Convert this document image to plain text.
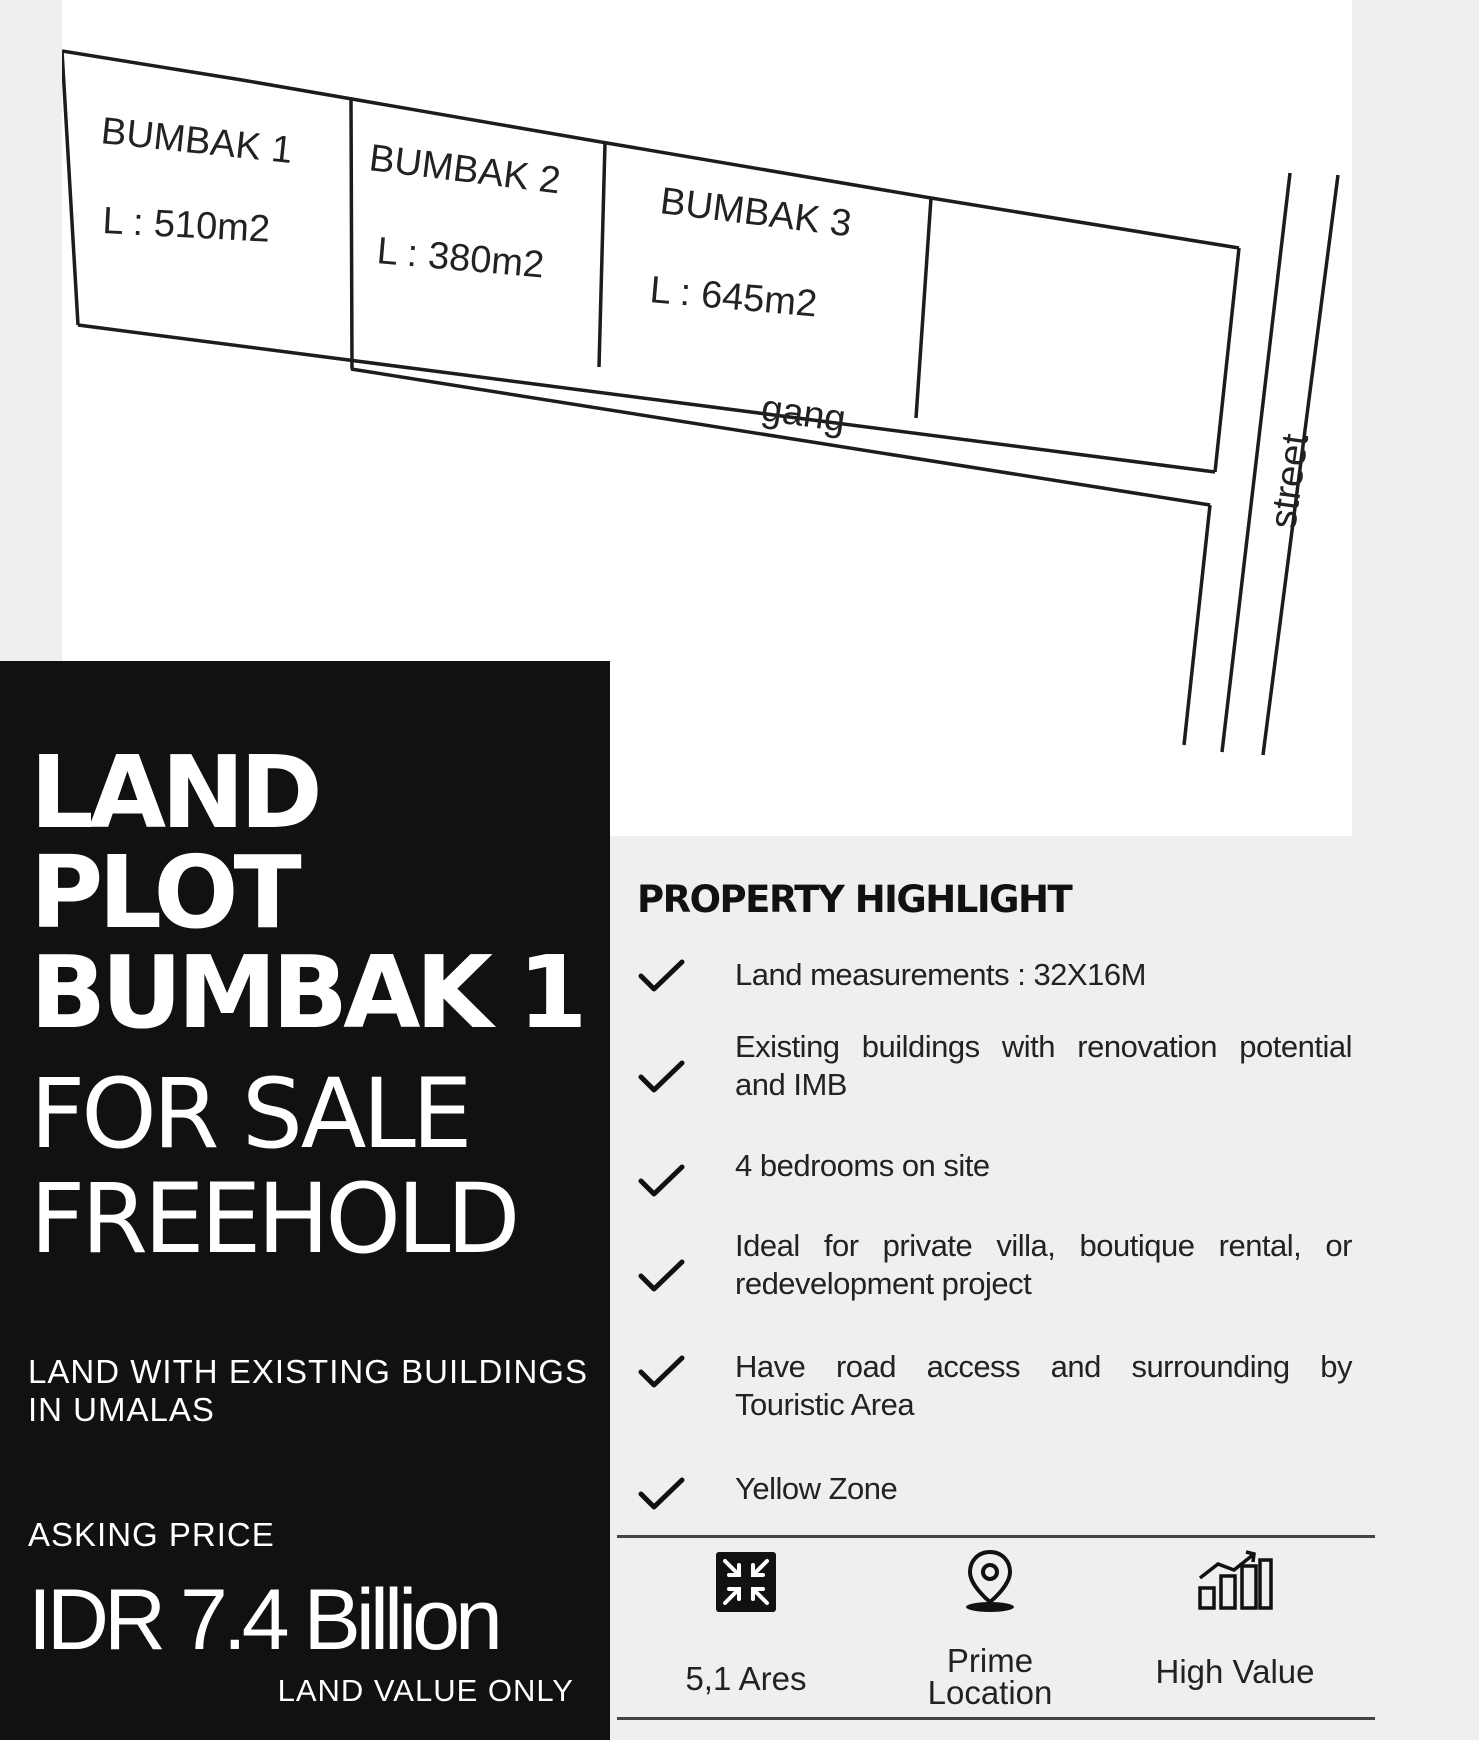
BUMBAK 1
L : 510m2
BUMBAK 2
L : 380m2
BUMBAK 3
L : 645m2
gang
street
LAND
PLOT
BUMBAK 1
FOR SALE
FREEHOLD
LAND WITH EXISTING BUILDINGS IN UMALAS
ASKING PRICE
IDR 7.4 Billion
LAND VALUE ONLY
PROPERTY HIGHLIGHT
Land measurements : 32X16M
Existing buildings with renovation potential and IMB
4 bedrooms on site
Ideal for private villa, boutique rental, or redevelopment project
Have road access and surrounding by Touristic Area
Yellow Zone
5,1 Ares	Prime Location
High Value
